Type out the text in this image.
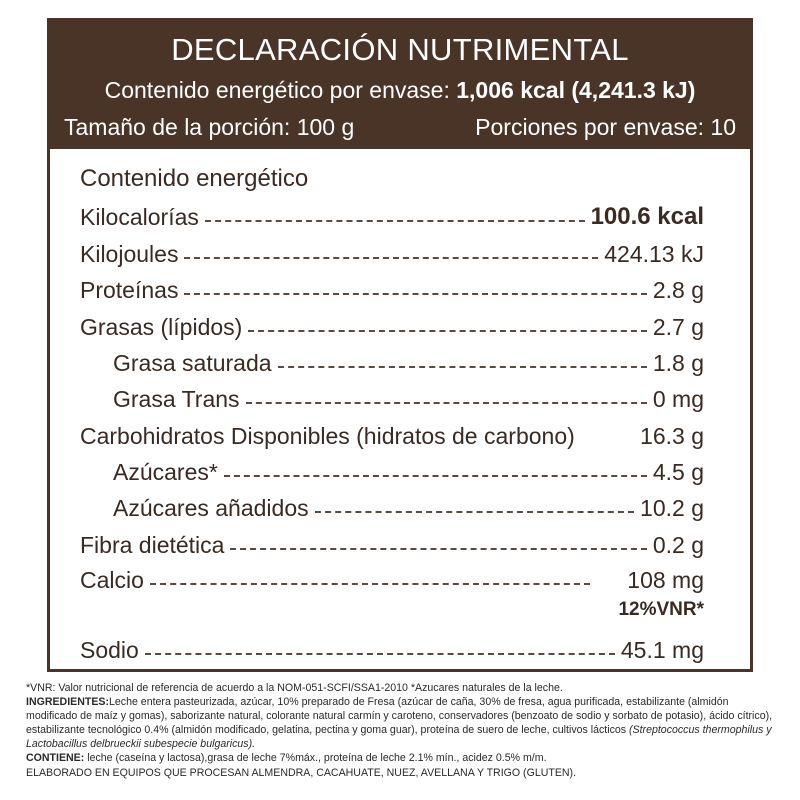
DECLARACIÓN NUTRIMENTAL
Contenido energético por envase: 1,006 kcal (4,241.3 kJ)
Tamaño de la porción: 100 g	Porciones por envase: 10
Contenido energético
Kilocalorías	100.6 kcal
Kilojoules	424.13 kJ
Proteínas	2.8 g
Grasas (lípidos)	2.7 g
Grasa saturada	1.8 g
Grasa Trans	0 mg
Carbohidratos Disponibles (hidratos de carbono)	16.3 g
Azúcares*	4.5 g
Azúcares añadidos	10.2 g
Fibra dietética	0.2 g
Calcio	108 mg
12%VNR*
Sodio	45.1 mg
*VNR: Valor nutricional de referencia de acuerdo a la NOM-051-SCFI/SSA1-2010 *Azucares naturales de la leche.
INGREDIENTES:Leche entera pasteurizada, azúcar, 10% preparado de Fresa (azúcar de caña, 30% de fresa, agua purificada, estabilizante (almidón modificado de maíz y gomas), saborizante natural, colorante natural carmín y caroteno, conservadores (benzoato de sodio y sorbato de potasio), ácido cítrico), estabilizante tecnológico 0.4% (almidón modificado, gelatina, pectina y goma guar), proteína de suero de leche, cultivos lácticos (Streptococcus thermophilus y Lactobacillus delbrueckii subespecie bulgaricus).
CONTIENE: leche (caseína y lactosa),grasa de leche 7%máx., proteína de leche 2.1% mín., acidez 0.5% m/m.
ELABORADO EN EQUIPOS QUE PROCESAN ALMENDRA, CACAHUATE, NUEZ, AVELLANA Y TRIGO (GLUTEN).
